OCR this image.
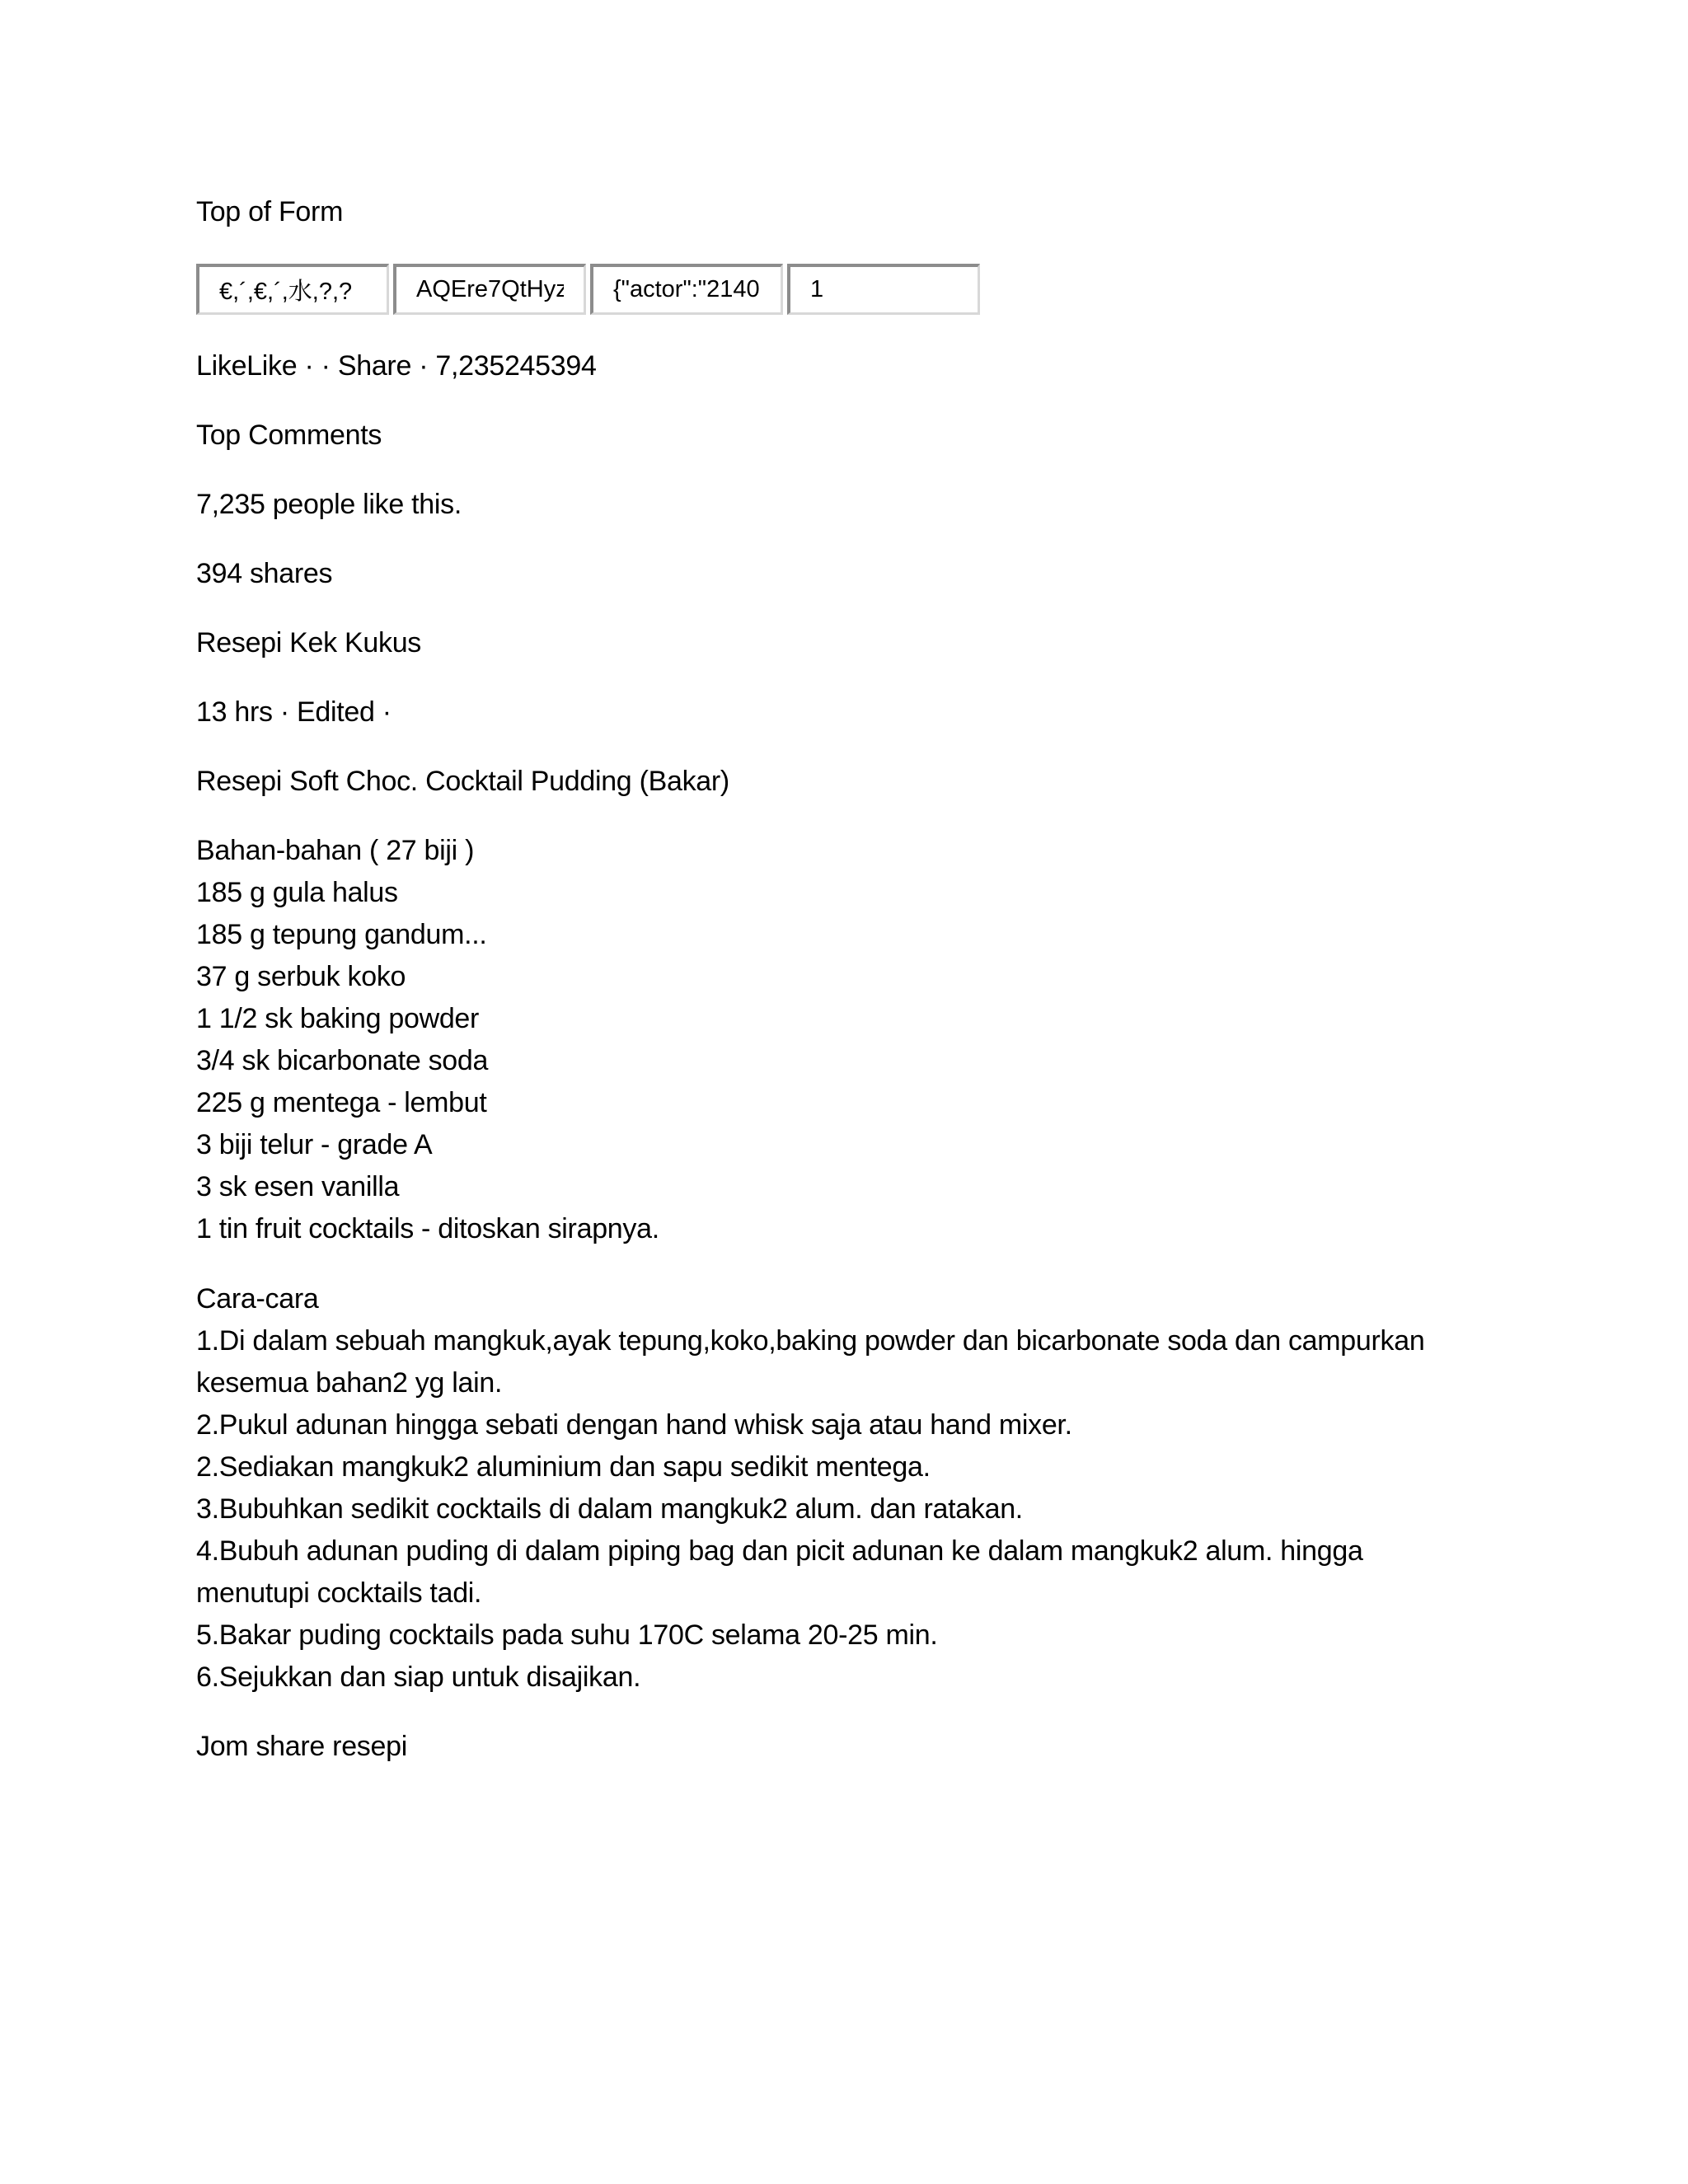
Top of Form
€,´,€,´,水,?,?
AQEre7QtHyzT
{"actor":"21406697
1
LikeLike · · Share · 7,235245394
Top Comments
7,235 people like this.
394 shares
Resepi Kek Kukus
13 hrs · Edited ·
Resepi Soft Choc. Cocktail Pudding (Bakar)
Bahan-bahan ( 27 biji )
185 g gula halus
185 g tepung gandum...
37 g serbuk koko
1 1/2 sk baking powder
3/4 sk bicarbonate soda
225 g mentega - lembut
3 biji telur - grade A
3 sk esen vanilla
1 tin fruit cocktails - ditoskan sirapnya.
Cara-cara
1.Di dalam sebuah mangkuk,ayak tepung,koko,baking powder dan bicarbonate soda dan campurkan
kesemua bahan2 yg lain.
2.Pukul adunan hingga sebati dengan hand whisk saja atau hand mixer.
2.Sediakan mangkuk2 aluminium dan sapu sedikit mentega.
3.Bubuhkan sedikit cocktails di dalam mangkuk2 alum. dan ratakan.
4.Bubuh adunan puding di dalam piping bag dan picit adunan ke dalam mangkuk2 alum. hingga
menutupi cocktails tadi.
5.Bakar puding cocktails pada suhu 170C selama 20-25 min.
6.Sejukkan dan siap untuk disajikan.
Jom share resepi
